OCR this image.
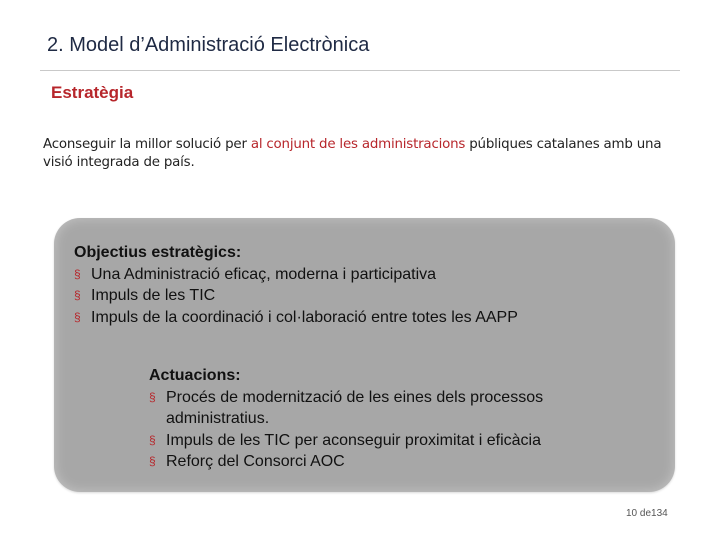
2. Model d’Administració Electrònica
Estratègia
Aconseguir la millor solució per al conjunt de les administracions públiques catalanes amb una visió integrada de país.
Objectius estratègics:
§ Una Administració eficaç, moderna i participativa
§ Impuls de les TIC
§ Impuls de la coordinació i col·laboració entre totes les AAPP
Actuacions:
§ Procés de modernització de les eines dels processos administratius.
§ Impuls de les TIC per aconseguir proximitat i eficàcia
§ Reforç del Consorci AOC
10 de134
